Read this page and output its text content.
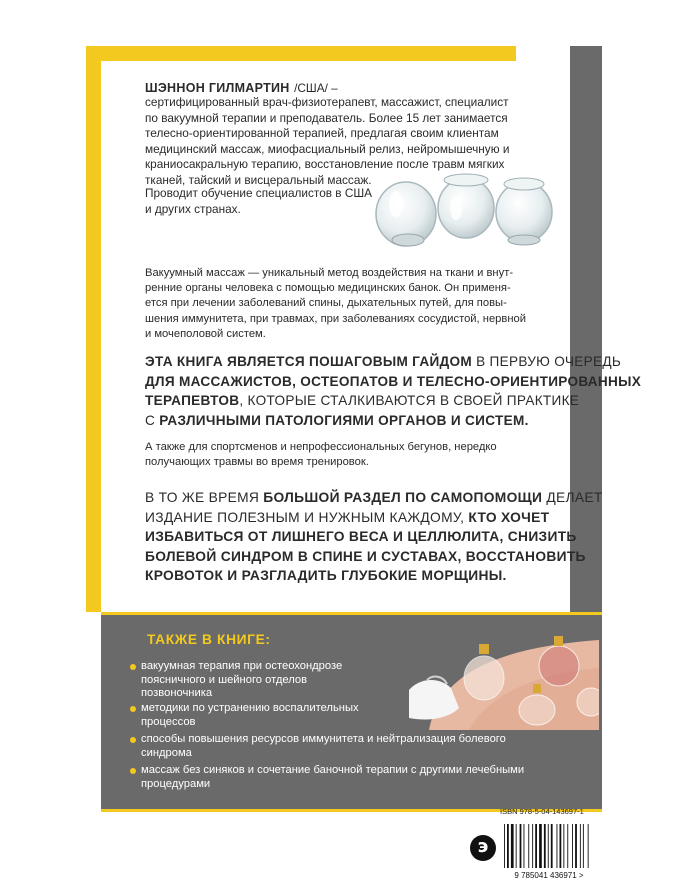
ШЭННОН ГИЛМАРТИН /США/ –
сертифицированный врач-физиотерапевт, массажист, специалист
по вакуумной терапии и преподаватель. Более 15 лет занимается
телесно-ориентированной терапией, предлагая своим клиентам
медицинский массаж, миофасциальный релиз, нейромышечную и
краниосакральную терапию, восстановление после травм мягких
тканей, тайский и висцеральный массаж.
Проводит обучение специалистов в США
и других странах.
Вакуумный массаж — уникальный метод воздействия на ткани и внут-
ренние органы человека с помощью медицинских банок. Он применя-
ется при лечении заболеваний спины, дыхательных путей, для повы-
шения иммунитета, при травмах, при заболеваниях сосудистой, нервной
и мочеполовой систем.
ЭТА КНИГА ЯВЛЯЕТСЯ ПОШАГОВЫМ ГАЙДОМ В ПЕРВУЮ ОЧЕРЕДЬ
ДЛЯ МАССАЖИСТОВ, ОСТЕОПАТОВ И ТЕЛЕСНО-ОРИЕНТИРОВАННЫХ
ТЕРАПЕВТОВ, КОТОРЫЕ СТАЛКИВАЮТСЯ В СВОЕЙ ПРАКТИКЕ
С РАЗЛИЧНЫМИ ПАТОЛОГИЯМИ ОРГАНОВ И СИСТЕМ.
А также для спортсменов и непрофессиональных бегунов, нередко
получающих травмы во время тренировок.
В ТО ЖЕ ВРЕМЯ БОЛЬШОЙ РАЗДЕЛ ПО САМОПОМОЩИ ДЕЛАЕТ
ИЗДАНИЕ ПОЛЕЗНЫМ И НУЖНЫМ КАЖДОМУ, КТО ХОЧЕТ
ИЗБАВИТЬСЯ ОТ ЛИШНЕГО ВЕСА И ЦЕЛЛЮЛИТА, СНИЗИТЬ
БОЛЕВОЙ СИНДРОМ В СПИНЕ И СУСТАВАХ, ВОССТАНОВИТЬ
КРОВОТОК И РАЗГЛАДИТЬ ГЛУБОКИЕ МОРЩИНЫ.
ТАКЖЕ В КНИГЕ:
вакуумная терапия при остеохондрозе
поясничного и шейного отделов
позвоночника
методики по устранению воспалительных
процессов
способы повышения ресурсов иммунитета и нейтрализация болевого
синдрома
массаж без синяков и сочетание баночной терапии с другими лечебными
процедурами
э
ISBN 978-5-04-143697-1
9 785041 436971 >
